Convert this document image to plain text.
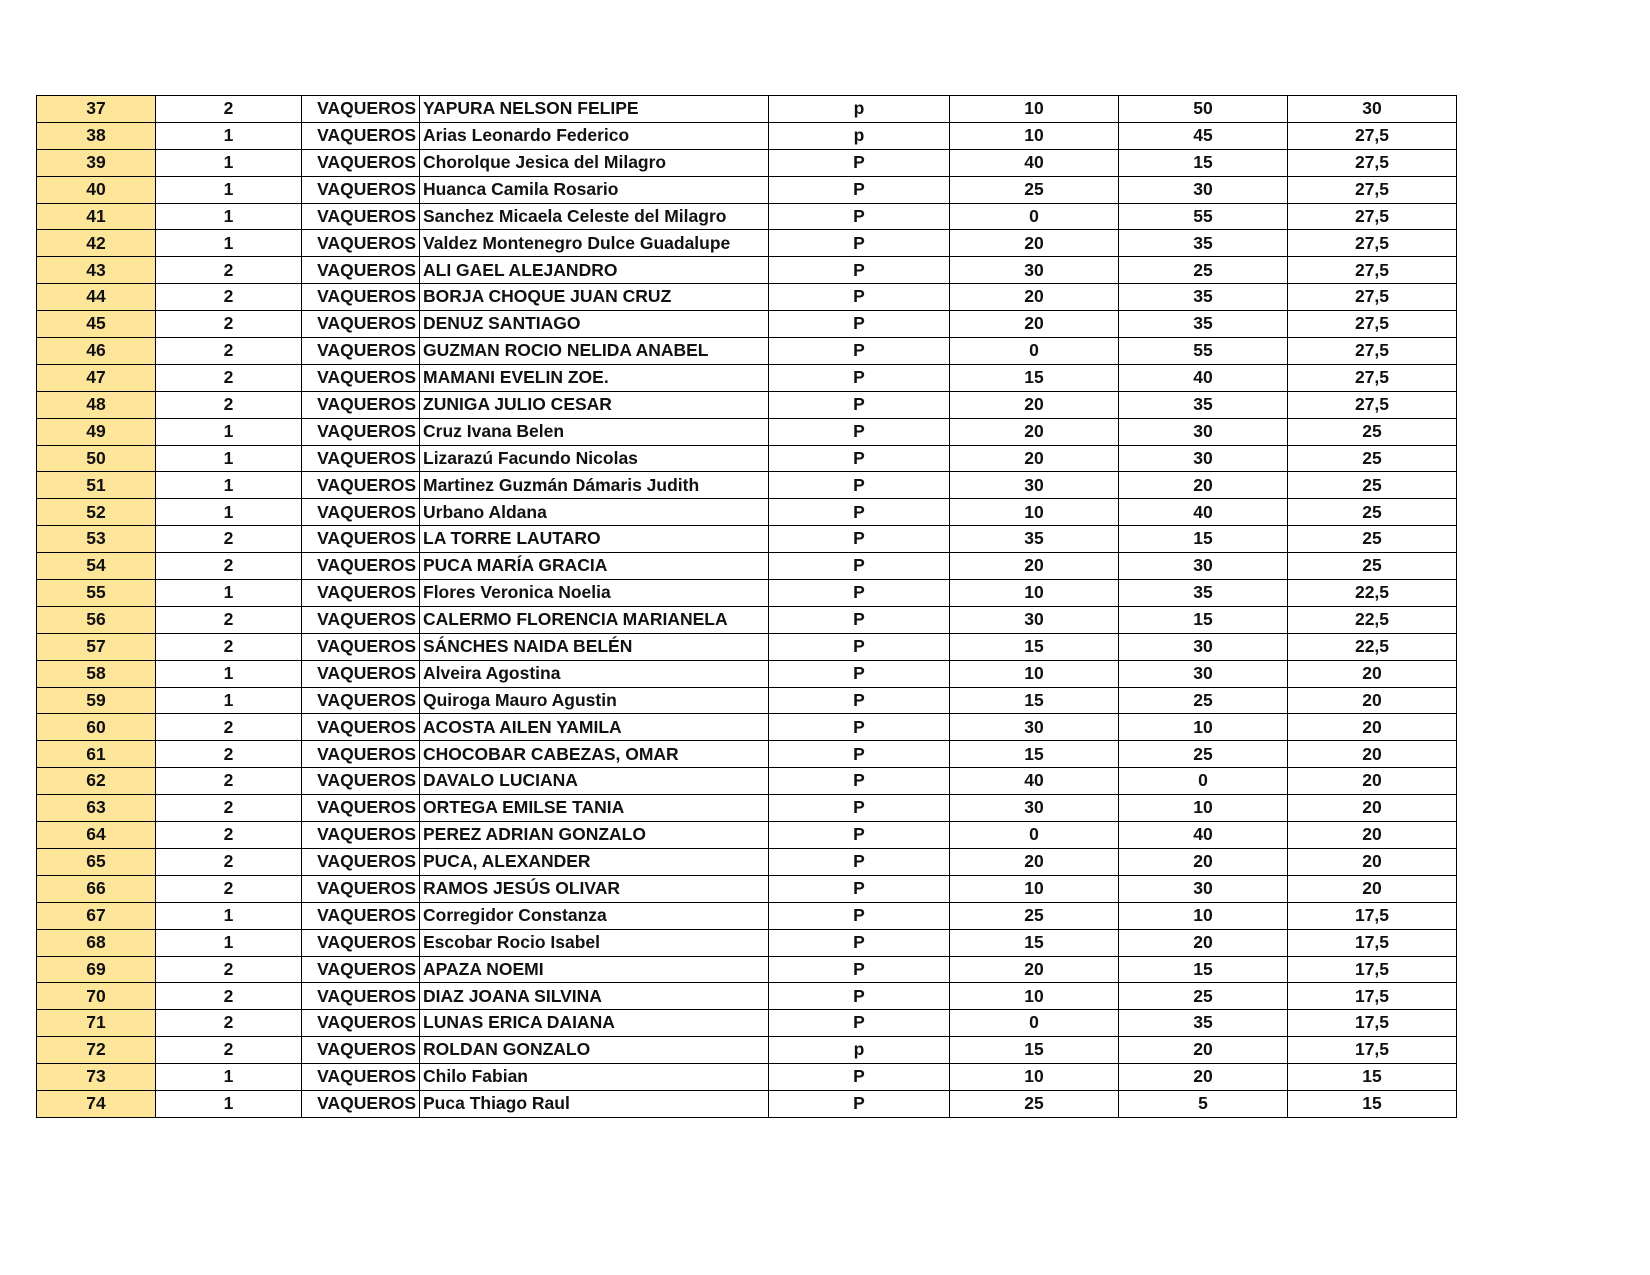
37	2	VAQUEROS	YAPURA NELSON FELIPE	p	10	50	30
38	1	VAQUEROS	Arias Leonardo Federico	p	10	45	27,5
39	1	VAQUEROS	Chorolque Jesica del Milagro	P	40	15	27,5
40	1	VAQUEROS	Huanca Camila Rosario	P	25	30	27,5
41	1	VAQUEROS	Sanchez Micaela Celeste del Milagro	P	0	55	27,5
42	1	VAQUEROS	Valdez Montenegro Dulce Guadalupe	P	20	35	27,5
43	2	VAQUEROS	ALI GAEL ALEJANDRO	P	30	25	27,5
44	2	VAQUEROS	BORJA CHOQUE JUAN CRUZ	P	20	35	27,5
45	2	VAQUEROS	DENUZ SANTIAGO	P	20	35	27,5
46	2	VAQUEROS	GUZMAN ROCIO NELIDA ANABEL	P	0	55	27,5
47	2	VAQUEROS	MAMANI EVELIN ZOE.	P	15	40	27,5
48	2	VAQUEROS	ZUNIGA JULIO CESAR	P	20	35	27,5
49	1	VAQUEROS	Cruz Ivana Belen	P	20	30	25
50	1	VAQUEROS	Lizarazú Facundo Nicolas	P	20	30	25
51	1	VAQUEROS	Martinez Guzmán Dámaris Judith	P	30	20	25
52	1	VAQUEROS	Urbano Aldana	P	10	40	25
53	2	VAQUEROS	LA TORRE LAUTARO	P	35	15	25
54	2	VAQUEROS	PUCA MARÍA GRACIA	P	20	30	25
55	1	VAQUEROS	Flores Veronica Noelia	P	10	35	22,5
56	2	VAQUEROS	CALERMO FLORENCIA MARIANELA	P	30	15	22,5
57	2	VAQUEROS	SÁNCHES NAIDA BELÉN	P	15	30	22,5
58	1	VAQUEROS	Alveira Agostina	P	10	30	20
59	1	VAQUEROS	Quiroga Mauro Agustin	P	15	25	20
60	2	VAQUEROS	ACOSTA AILEN YAMILA	P	30	10	20
61	2	VAQUEROS	CHOCOBAR CABEZAS, OMAR	P	15	25	20
62	2	VAQUEROS	DAVALO LUCIANA	P	40	0	20
63	2	VAQUEROS	ORTEGA EMILSE TANIA	P	30	10	20
64	2	VAQUEROS	PEREZ ADRIAN GONZALO	P	0	40	20
65	2	VAQUEROS	PUCA, ALEXANDER	P	20	20	20
66	2	VAQUEROS	RAMOS JESÚS OLIVAR	P	10	30	20
67	1	VAQUEROS	Corregidor Constanza	P	25	10	17,5
68	1	VAQUEROS	Escobar Rocio Isabel	P	15	20	17,5
69	2	VAQUEROS	APAZA NOEMI	P	20	15	17,5
70	2	VAQUEROS	DIAZ JOANA SILVINA	P	10	25	17,5
71	2	VAQUEROS	LUNAS ERICA DAIANA	P	0	35	17,5
72	2	VAQUEROS	ROLDAN GONZALO	p	15	20	17,5
73	1	VAQUEROS	Chilo Fabian	P	10	20	15
74	1	VAQUEROS	Puca Thiago Raul	P	25	5	15
